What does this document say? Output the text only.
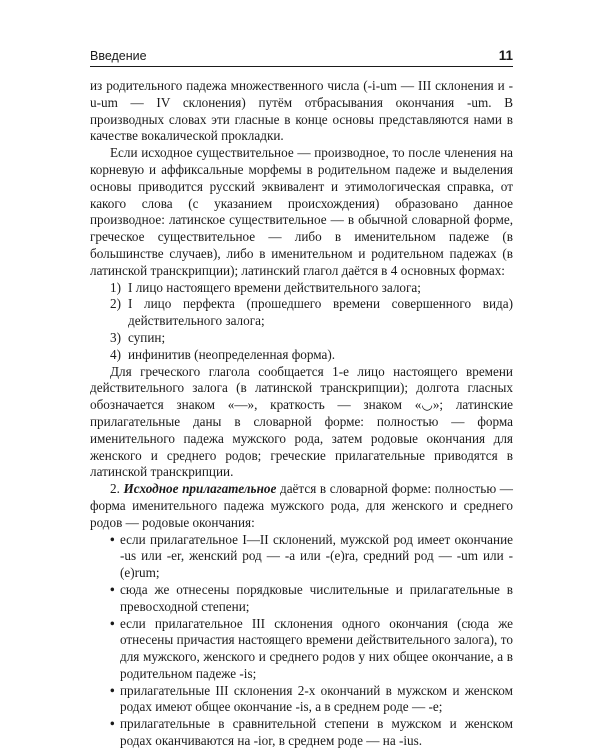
Введение	11

из родительного падежа множественного числа (-i-um — III склонения и -u-um — IV склонения) путём отбрасывания окончания -um. В производных словах эти гласные в конце основы представляются нами в качестве вокалической прокладки.

Если исходное существительное — производное, то после членения на корневую и аффиксальные морфемы в родительном падеже и выделения основы приводится русский эквивалент и этимологическая справка, от какого слова (с указанием происхождения) образовано данное производное: латинское существительное — в обычной словарной форме, греческое существительное — либо в именительном падеже (в большинстве случаев), либо в именительном и родительном падежах (в латинской транскрипции); латинский глагол даётся в 4 основных формах:

1) I лицо настоящего времени действительного залога;
2) I лицо перфекта (прошедшего времени совершенного вида) действительного залога;
3) супин;
4) инфинитив (неопределенная форма).

Для греческого глагола сообщается 1-е лицо настоящего времени действительного залога (в латинской транскрипции); долгота гласных обозначается знаком «—», краткость — знаком «◡»; латинские прилагательные даны в словарной форме: полностью — форма именительного падежа мужского рода, затем родовые окончания для женского и среднего родов; греческие прилагательные приводятся в латинской транскрипции.

2. Исходное прилагательное даётся в словарной форме: полностью — форма именительного падежа мужского рода, для женского и среднего родов — родовые окончания:

• если прилагательное I—II склонений, мужской род имеет окончание -us или -er, женский род — -a или -(e)ra, средний род — -um или -(e)rum;
• сюда же отнесены порядковые числительные и прилагательные в превосходной степени;
• если прилагательное III склонения одного окончания (сюда же отнесены причастия настоящего времени действительного залога), то для мужского, женского и среднего родов у них общее окончание, а в родительном падеже -is;
• прилагательные III склонения 2-х окончаний в мужском и женском родах имеют общее окончание -is, а в среднем роде — -e;
• прилагательные в сравнительной степени в мужском и женском родах оканчиваются на -ior, в среднем роде — на -ius.
